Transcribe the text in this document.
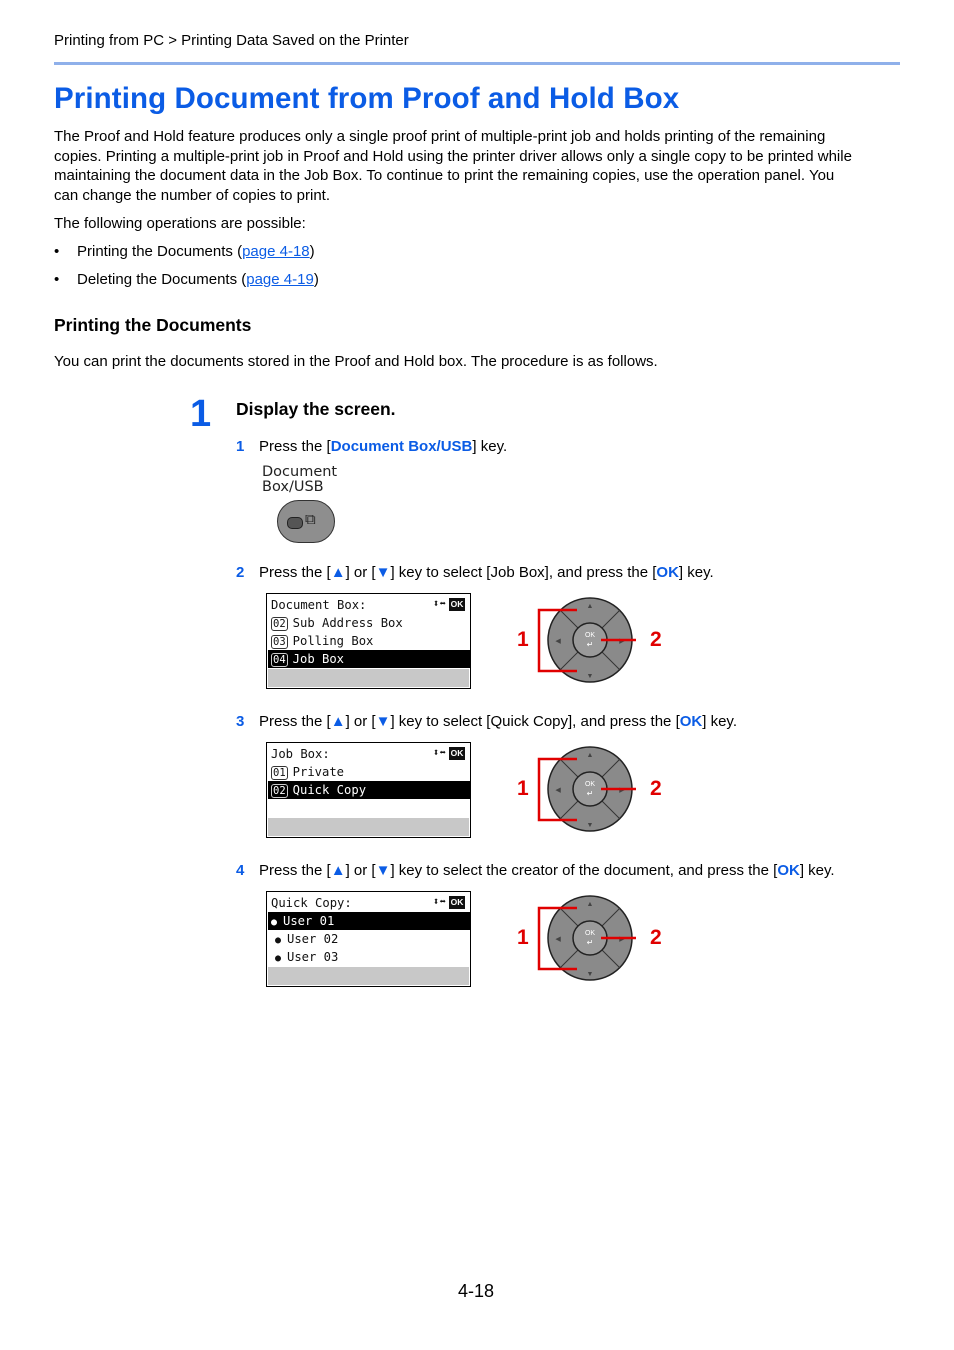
Printing from PC > Printing Data Saved on the Printer
Printing Document from Proof and Hold Box
The Proof and Hold feature produces only a single proof print of multiple-print job and holds printing of the remaining
copies. Printing a multiple-print job in Proof and Hold using the printer driver allows only a single copy to be printed while
maintaining the document data in the Job Box. To continue to print the remaining copies, use the operation panel. You
can change the number of copies to print.
The following operations are possible:
• Printing the Documents (page 4-18)
• Deleting the Documents (page 4-19)
Printing the Documents
You can print the documents stored in the Proof and Hold box. The procedure is as follows.
1 Display the screen.
1 Press the [Document Box/USB] key.
Document
Box/USB
⧉
2 Press the [▲] or [▼] key to select [Job Box], and press the [OK] key.
Document Box:	⬍⬌ OK
02 Sub Address Box
03 Polling Box
04 Job Box
3 Press the [▲] or [▼] key to select [Quick Copy], and press the [OK] key.
Job Box:	⬍⬌ OK
01 Private
02 Quick Copy
4 Press the [▲] or [▼] key to select the creator of the document, and press the [OK] key.
Quick Copy:	⬍⬌ OK
● User 01
● User 02
● User 03
OK
↵
▲
▼
◀	▶
1	2
OK
↵
▲
▼
◀	▶
1	2
OK
↵
▲
▼
◀	▶
1	2
4-18
